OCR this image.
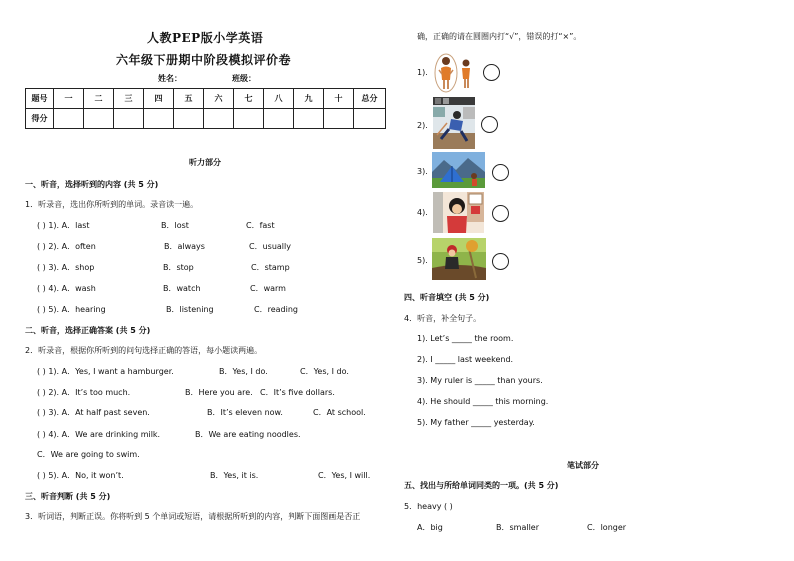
人教PEP版小学英语
六年级下册期中阶段模拟评价卷
姓名：	班级：
题号	一	二	三	四	五	六	七	八	九	十	总分
得分											
听力部分
一、听音，选择听到的内容 (共 5 分)
1．听录音，选出你所听到的单词。录音读一遍。
( ) 1). A．last	B．lost	C．fast
( ) 2). A．often	B．always	C．usually
( ) 3). A．shop	B．stop	C．stamp
( ) 4). A．wash	B．watch	C．warm
( ) 5). A．hearing	B．listening	C．reading
二、听音，选择正确答案 (共 5 分)
2．听录音，根据你所听到的问句选择正确的答语，每小题读两遍。
( ) 1). A．Yes, I want a hamburger.	B．Yes, I do.	C．Yes, I do.
( ) 2). A．It’s too much.	B．Here you are. C．It’s five dollars.
( ) 3). A．At half past seven.	B．It’s eleven now.	C．At school.
( ) 4). A．We are drinking milk.	B．We are eating noodles.
C．We are going to swim.
( ) 5). A．No, it won’t.	B．Yes, it is.	C．Yes, I will.
三、听音判断 (共 5 分)
3．听词语，判断正误。你将听到 5 个单词或短语，请根据所听到的内容，判断下面图画是否正
确，正确的请在圆圈内打“√”，错误的打“×”。
1).
2).
3).
4).
5).
四、听音填空 (共 5 分)
4．听音，补全句子。
1). Let’s _____ the room.
2). I _____ last weekend.
3). My ruler is _____ than yours.
4). He should _____ this morning.
5). My father _____ yesterday.
笔试部分
五、找出与所给单词同类的一项。(共 5 分)
5．heavy ( )
A．big	B．smaller	C．longer
